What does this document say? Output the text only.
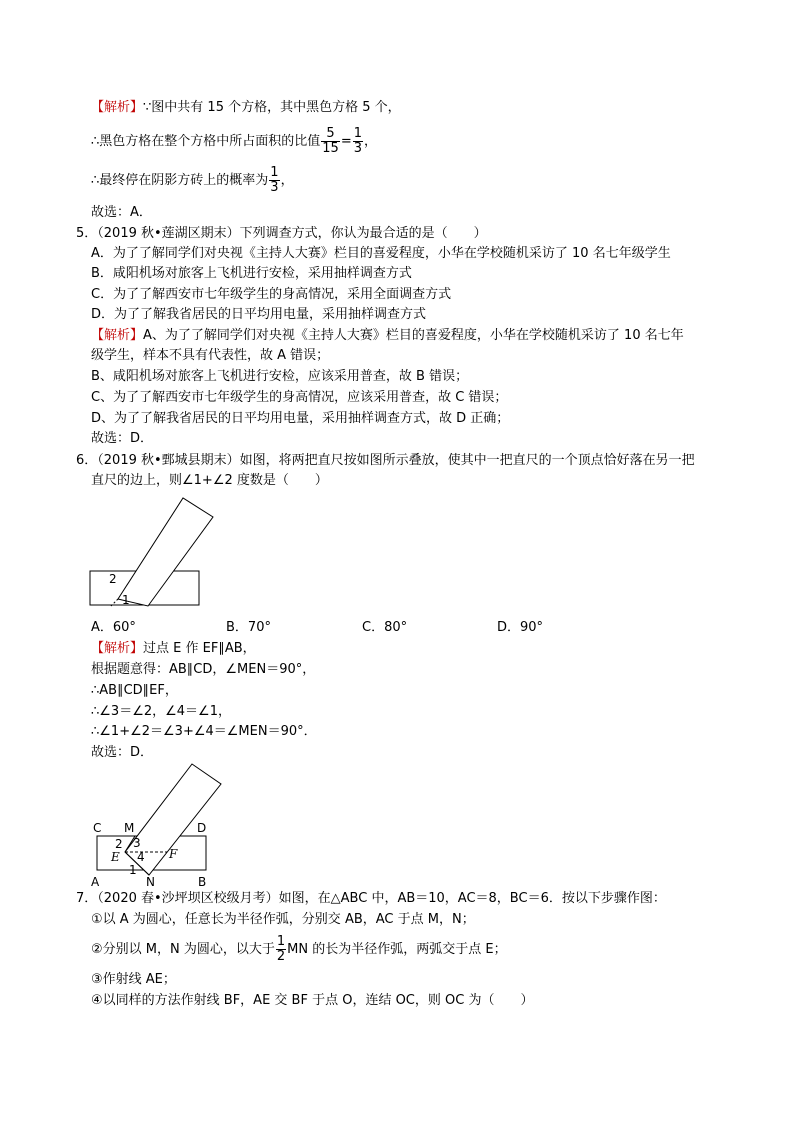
【解析】∵图中共有 15 个方格，其中黑色方格 5 个，
∴黑色方格在整个方格中所占面积的比值 $\frac{5}{15} = \frac{1}{3}$ ，
∴最终停在阴影方砖上的概率为 $\frac{1}{3}$ ，
故选：A．
5．（2019 秋•莲湖区期末）下列调查方式，你认为最合适的是（　　）
A．为了了解同学们对央视《主持人大赛》栏目的喜爱程度，小华在学校随机采访了 10 名七年级学生
B．咸阳机场对旅客上飞机进行安检，采用抽样调查方式
C．为了了解西安市七年级学生的身高情况，采用全面调查方式
D．为了了解我省居民的日平均用电量，采用抽样调查方式
【解析】A、为了了解同学们对央视《主持人大赛》栏目的喜爱程度，小华在学校随机采访了 10 名七年
级学生，样本不具有代表性，故 A 错误；
B、咸阳机场对旅客上飞机进行安检，应该采用普查，故 B 错误；
C、为了了解西安市七年级学生的身高情况，应该采用普查，故 C 错误；
D、为了了解我省居民的日平均用电量，采用抽样调查方式，故 D 正确；
故选：D．
6．（2019 秋•鄄城县期末）如图，将两把直尺按如图所示叠放，使其中一把直尺的一个顶点恰好落在另一把
直尺的边上，则∠1+∠2 度数是（　　）
2
1
A．60°	B．70°	C．80°	D．90°
【解析】过点 E 作 EF∥AB，
根据题意得：AB∥CD，∠MEN＝90°，
∴AB∥CD∥EF，
∴∠3＝∠2，∠4＝∠1，
∴∠1+∠2＝∠3+∠4＝∠MEN＝90°．
故选：D．
C M	D
2 3
E 4 F
1
A	N	B
7．（2020 春•沙坪坝区校级月考）如图，在△ABC 中，AB＝10，AC＝8，BC＝6．按以下步骤作图：
①以 A 为圆心，任意长为半径作弧，分别交 AB，AC 于点 M，N；
②分别以 M，N 为圆心，以大于 $\frac{1}{2}$ MN 的长为半径作弧，两弧交于点 E；
③作射线 AE；
④以同样的方法作射线 BF，AE 交 BF 于点 O，连结 OC，则 OC 为（　　）
